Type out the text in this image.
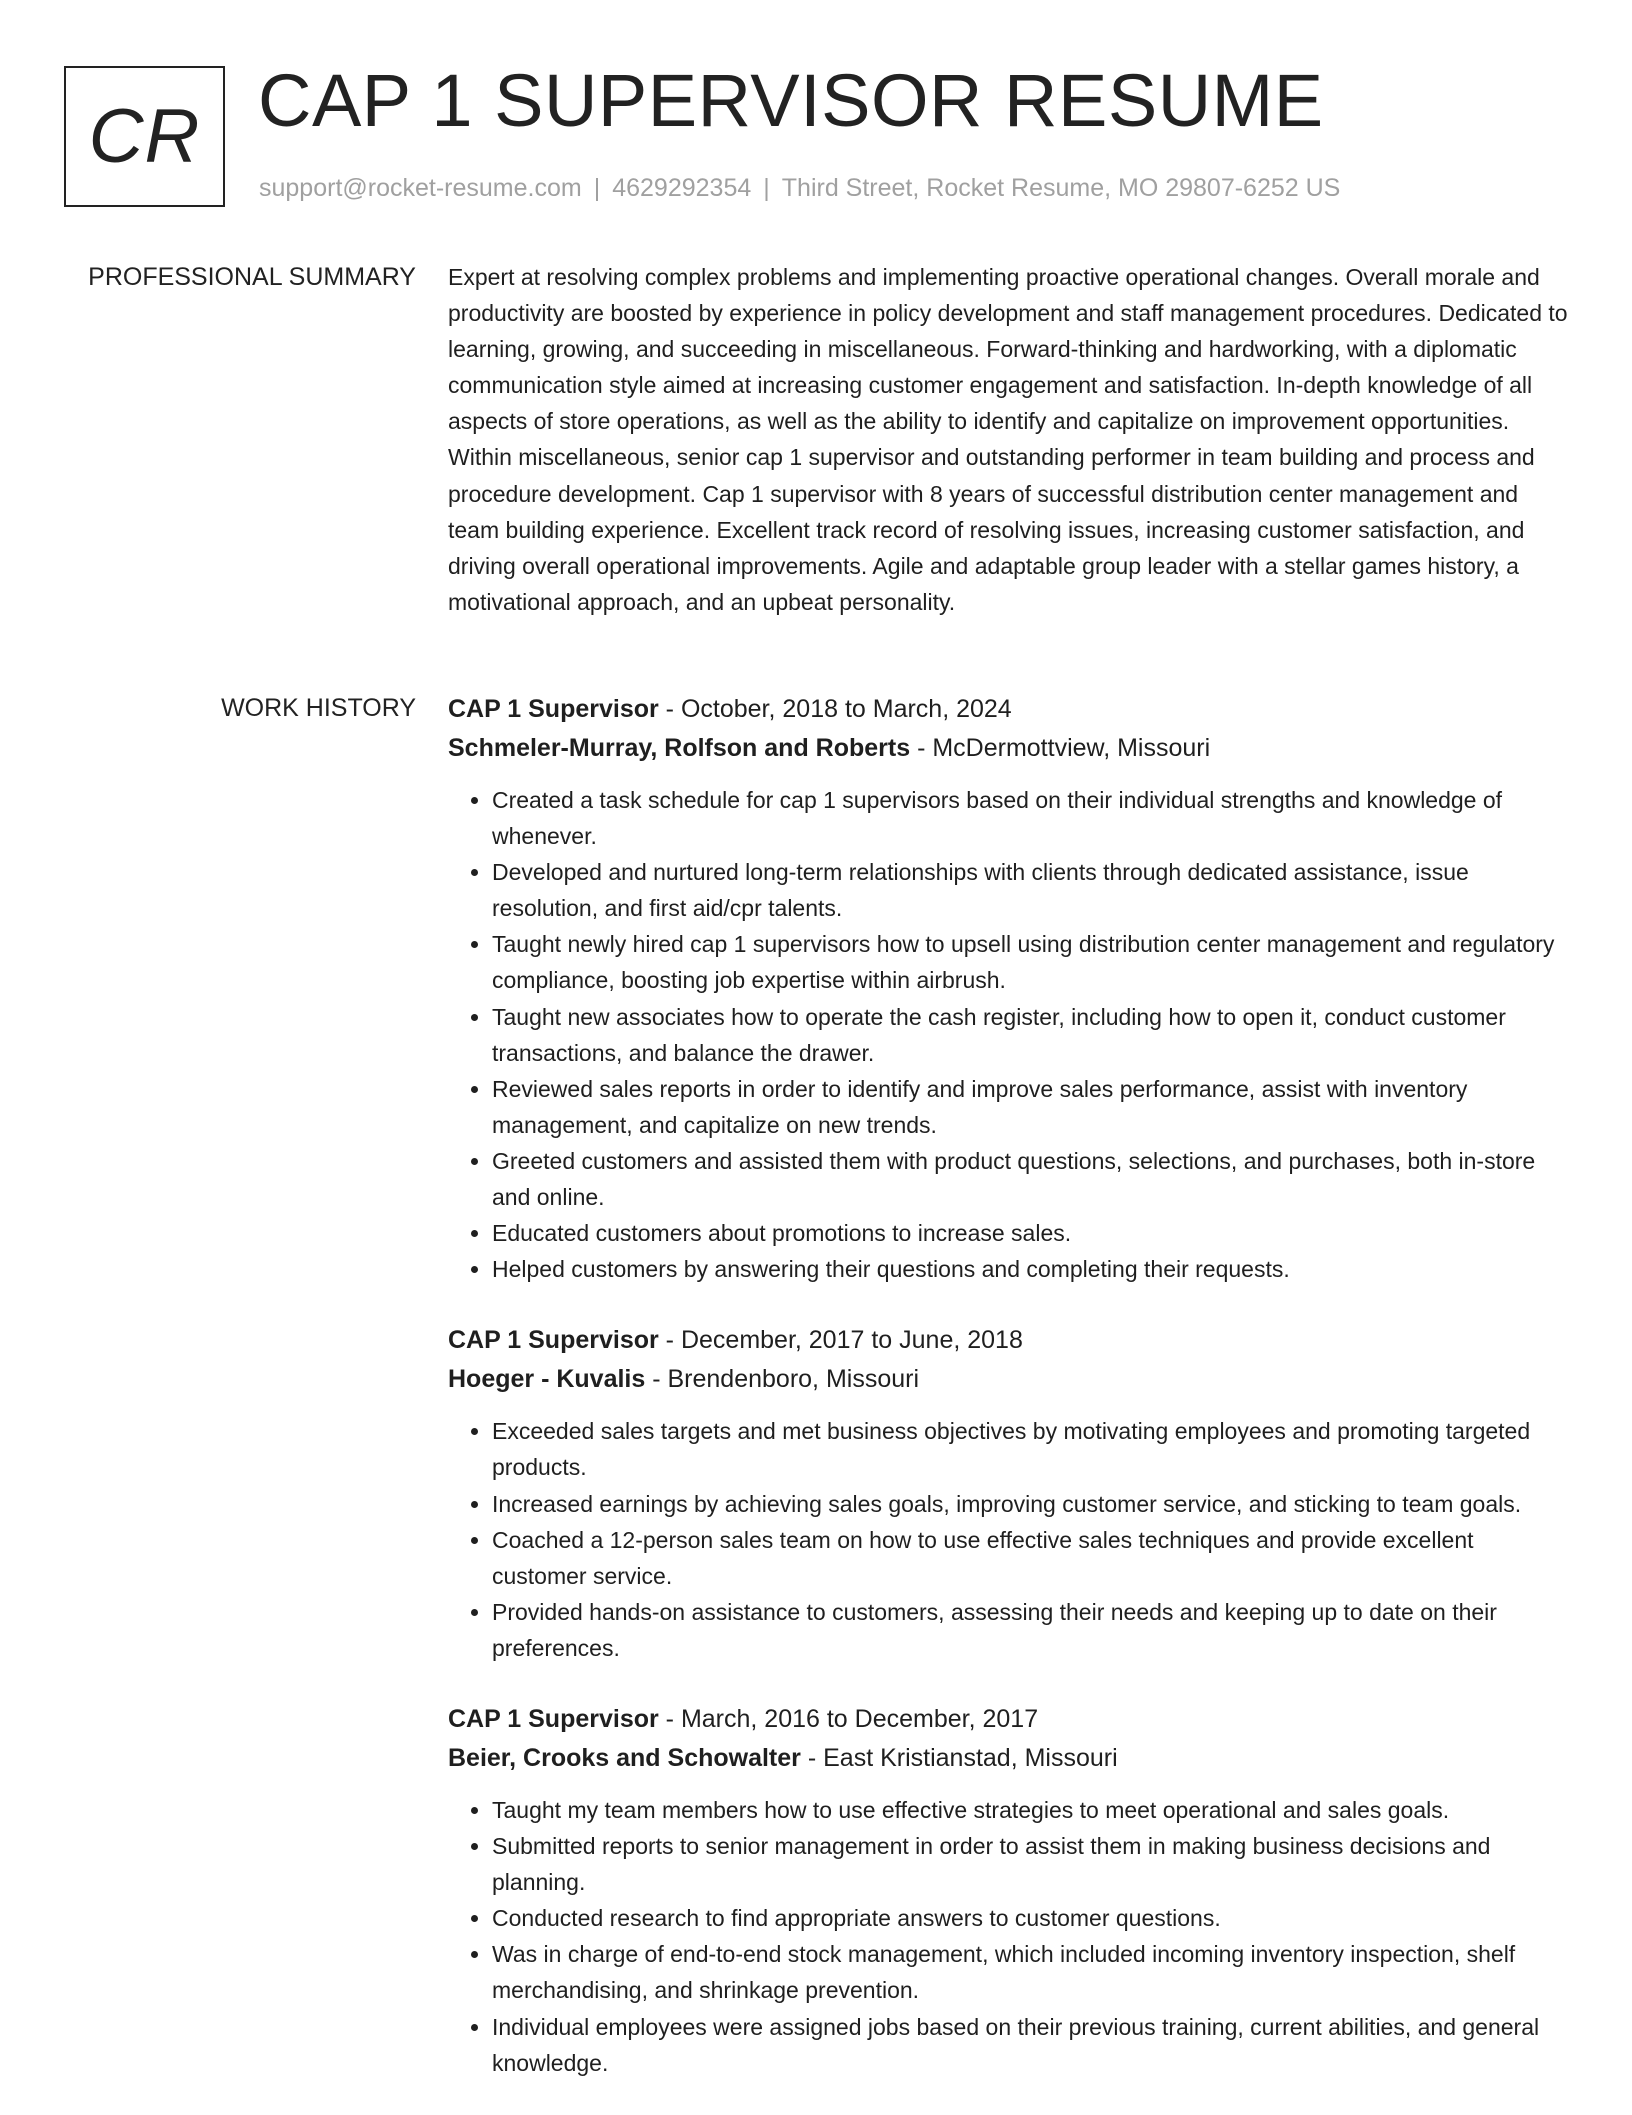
CR CAP 1 SUPERVISOR RESUME
support@rocket-resume.com | 4629292354 | Third Street, Rocket Resume, MO 29807-6252 US
PROFESSIONAL SUMMARY Expert at resolving complex problems and implementing proactive operational changes. Overall morale and productivity are boosted by experience in policy development and staff management procedures. Dedicated to learning, growing, and succeeding in miscellaneous. Forward-thinking and hardworking, with a diplomatic communication style aimed at increasing customer engagement and satisfaction. In-depth knowledge of all aspects of store operations, as well as the ability to identify and capitalize on improvement opportunities. Within miscellaneous, senior cap 1 supervisor and outstanding performer in team building and process and procedure development. Cap 1 supervisor with 8 years of successful distribution center management and team building experience. Excellent track record of resolving issues, increasing customer satisfaction, and driving overall operational improvements. Agile and adaptable group leader with a stellar games history, a motivational approach, and an upbeat personality.

WORK HISTORY CAP 1 Supervisor - October, 2018 to March, 2024
Schmeler-Murray, Rolfson and Roberts - McDermottview, Missouri
• Created a task schedule for cap 1 supervisors based on their individual strengths and knowledge of whenever.
• Developed and nurtured long-term relationships with clients through dedicated assistance, issue resolution, and first aid/cpr talents.
• Taught newly hired cap 1 supervisors how to upsell using distribution center management and regulatory compliance, boosting job expertise within airbrush.
• Taught new associates how to operate the cash register, including how to open it, conduct customer transactions, and balance the drawer.
• Reviewed sales reports in order to identify and improve sales performance, assist with inventory management, and capitalize on new trends.
• Greeted customers and assisted them with product questions, selections, and purchases, both in-store and online.
• Educated customers about promotions to increase sales.
• Helped customers by answering their questions and completing their requests.
CAP 1 Supervisor - December, 2017 to June, 2018
Hoeger - Kuvalis - Brendenboro, Missouri
• Exceeded sales targets and met business objectives by motivating employees and promoting targeted products.
• Increased earnings by achieving sales goals, improving customer service, and sticking to team goals.
• Coached a 12-person sales team on how to use effective sales techniques and provide excellent customer service.
• Provided hands-on assistance to customers, assessing their needs and keeping up to date on their preferences.
CAP 1 Supervisor - March, 2016 to December, 2017
Beier, Crooks and Schowalter - East Kristianstad, Missouri
• Taught my team members how to use effective strategies to meet operational and sales goals.
• Submitted reports to senior management in order to assist them in making business decisions and planning.
• Conducted research to find appropriate answers to customer questions.
• Was in charge of end-to-end stock management, which included incoming inventory inspection, shelf merchandising, and shrinkage prevention.
• Individual employees were assigned jobs based on their previous training, current abilities, and general knowledge.
